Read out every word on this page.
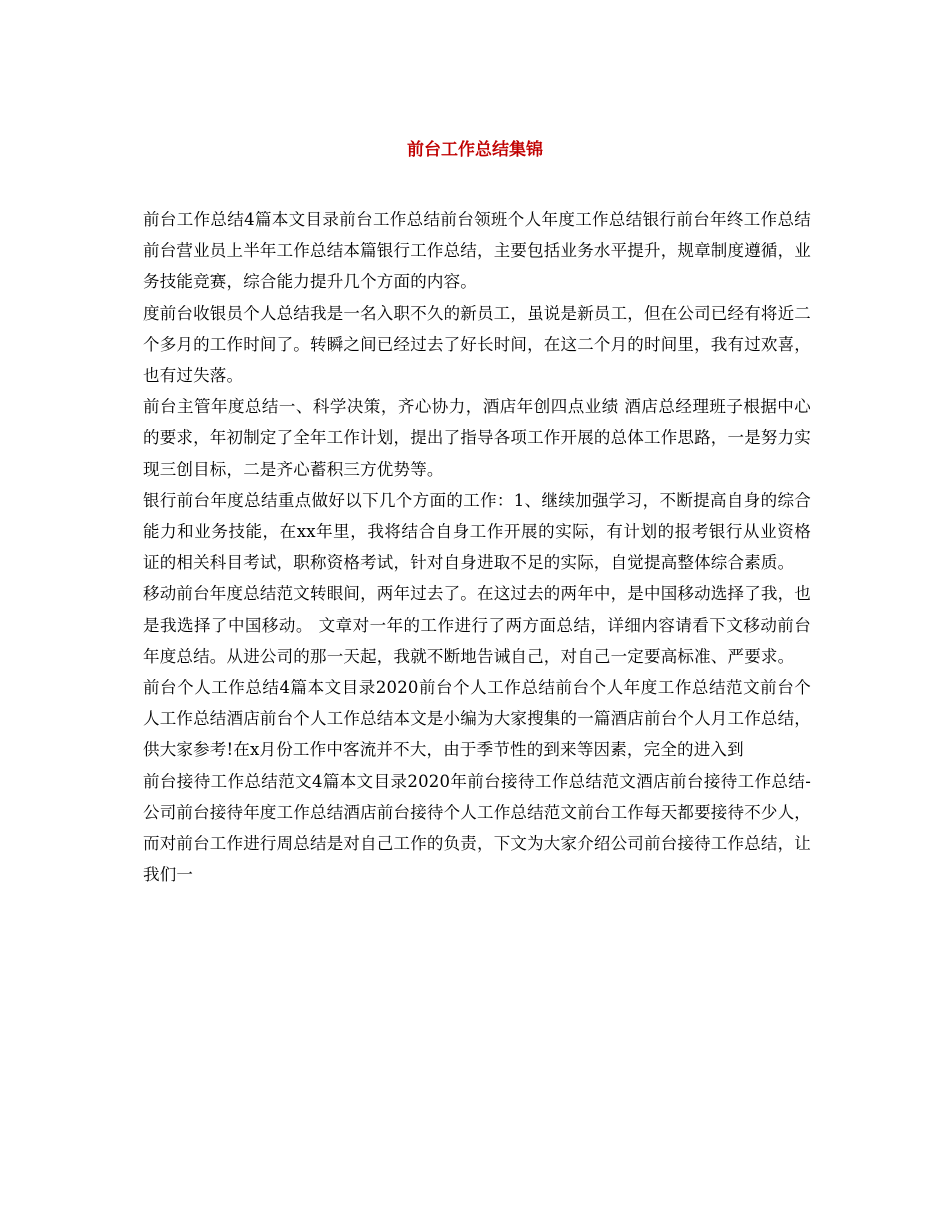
前台工作总结集锦

前台工作总结4篇本文目录前台工作总结前台领班个人年度工作总结银行前台年终工作总结前台营业员上半年工作总结本篇银行工作总结，主要包括业务水平提升，规章制度遵循，业务技能竞赛，综合能力提升几个方面的内容。

度前台收银员个人总结我是一名入职不久的新员工，虽说是新员工，但在公司已经有将近二个多月的工作时间了。转瞬之间已经过去了好长时间，在这二个月的时间里，我有过欢喜，也有过失落。

前台主管年度总结一、科学决策，齐心协力，酒店年创四点业绩 酒店总经理班子根据中心的要求，年初制定了全年工作计划，提出了指导各项工作开展的总体工作思路，一是努力实现三创目标，二是齐心蓄积三方优势等。

银行前台年度总结重点做好以下几个方面的工作：1、继续加强学习，不断提高自身的综合能力和业务技能，在xx年里，我将结合自身工作开展的实际，有计划的报考银行从业资格证的相关科目考试，职称资格考试，针对自身进取不足的实际，自觉提高整体综合素质。

移动前台年度总结范文转眼间，两年过去了。在这过去的两年中，是中国移动选择了我，也是我选择了中国移动。 文章对一年的工作进行了两方面总结，详细内容请看下文移动前台年度总结。从进公司的那一天起，我就不断地告诫自己，对自己一定要高标准、严要求。

前台个人工作总结4篇本文目录2020前台个人工作总结前台个人年度工作总结范文前台个人工作总结酒店前台个人工作总结本文是小编为大家搜集的一篇酒店前台个人月工作总结，供大家参考!在x月份工作中客流并不大，由于季节性的到来等因素，完全的进入到

前台接待工作总结范文4篇本文目录2020年前台接待工作总结范文酒店前台接待工作总结-公司前台接待年度工作总结酒店前台接待个人工作总结范文前台工作每天都要接待不少人，而对前台工作进行周总结是对自己工作的负责，下文为大家介绍公司前台接待工作总结，让我们一
